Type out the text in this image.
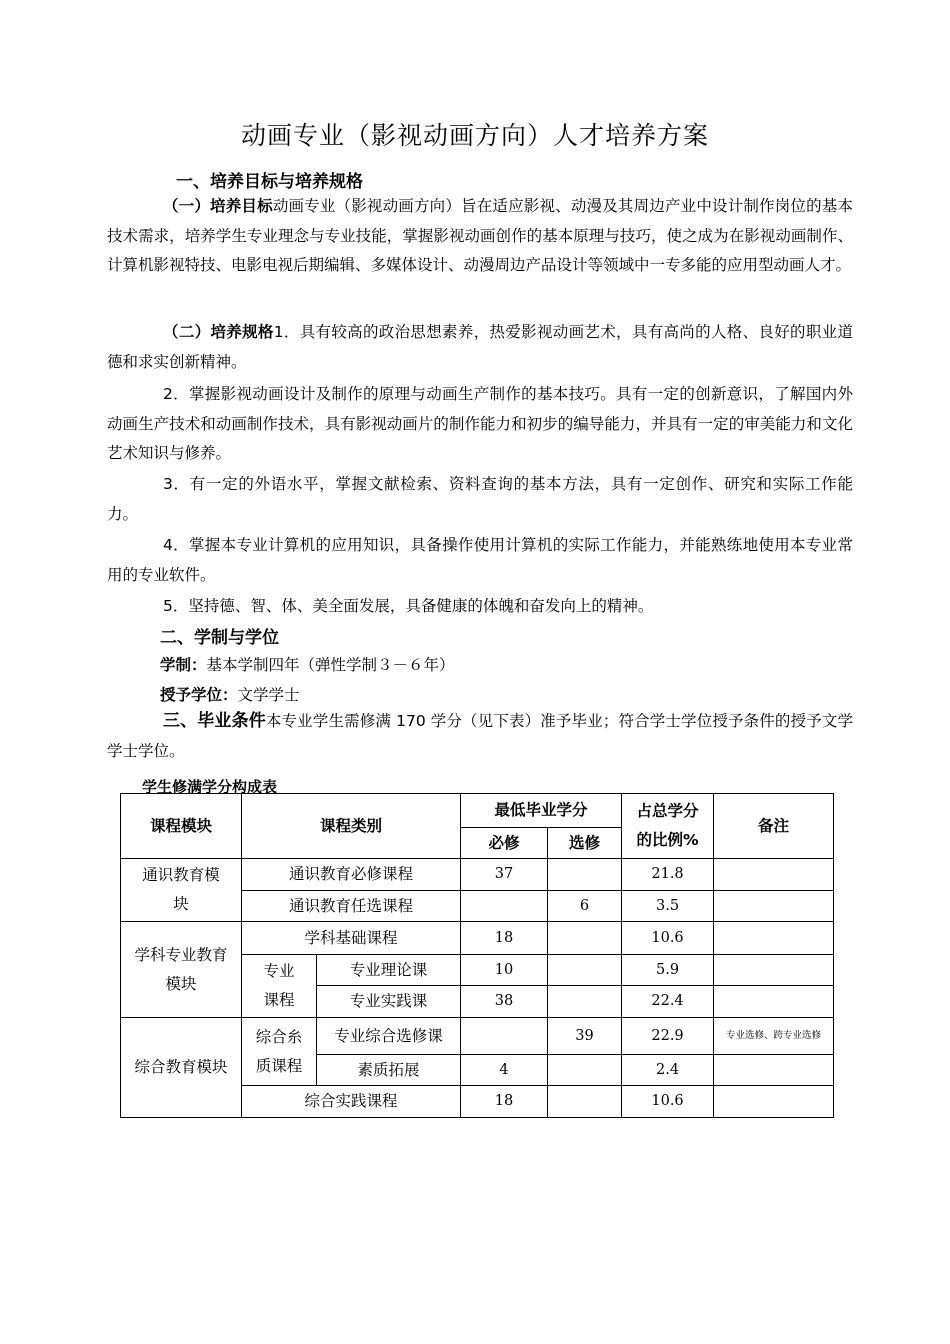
动画专业（影视动画方向）人才培养方案
一、培养目标与培养规格
（一）培养目标动画专业（影视动画方向）旨在适应影视、动漫及其周边产业中设计制作岗位的基本技术需求，培养学生专业理念与专业技能，掌握影视动画创作的基本原理与技巧，使之成为在影视动画制作、计算机影视特技、电影电视后期编辑、多媒体设计、动漫周边产品设计等领域中一专多能的应用型动画人才。
（二）培养规格1．具有较高的政治思想素养，热爱影视动画艺术，具有高尚的人格、良好的职业道德和求实创新精神。
2．掌握影视动画设计及制作的原理与动画生产制作的基本技巧。具有一定的创新意识，了解国内外动画生产技术和动画制作技术，具有影视动画片的制作能力和初步的编导能力，并具有一定的审美能力和文化艺术知识与修养。
3．有一定的外语水平，掌握文献检索、资料查询的基本方法，具有一定创作、研究和实际工作能力。
4．掌握本专业计算机的应用知识，具备操作使用计算机的实际工作能力，并能熟练地使用本专业常用的专业软件。
5．坚持德、智、体、美全面发展，具备健康的体魄和奋发向上的精神。
二、学制与学位
学制：基本学制四年（弹性学制３－６年）
授予学位：文学学士
三、毕业条件本专业学生需修满 170 学分（见下表）准予毕业；符合学士学位授予条件的授予文学学士学位。
学生修满学分构成表
课程模块	课程类别		最低毕业学分		占总学分
的比例%	备注
			必修	选修		
通识教育模块	通识教育必修课程		37		21.8	
	通识教育任选课程			6	3.5	
学科专业教育模块	学科基础课程		18		10.6	
	专业课程	专业理论课	10		5.9	
		专业实践课	38		22.4	
综合教育模块	综合糸质课程	专业综合选修课		39	22.9	专业选修、跨专业选修
		素质拓展	4		2.4	
	综合实践课程		18		10.6	
